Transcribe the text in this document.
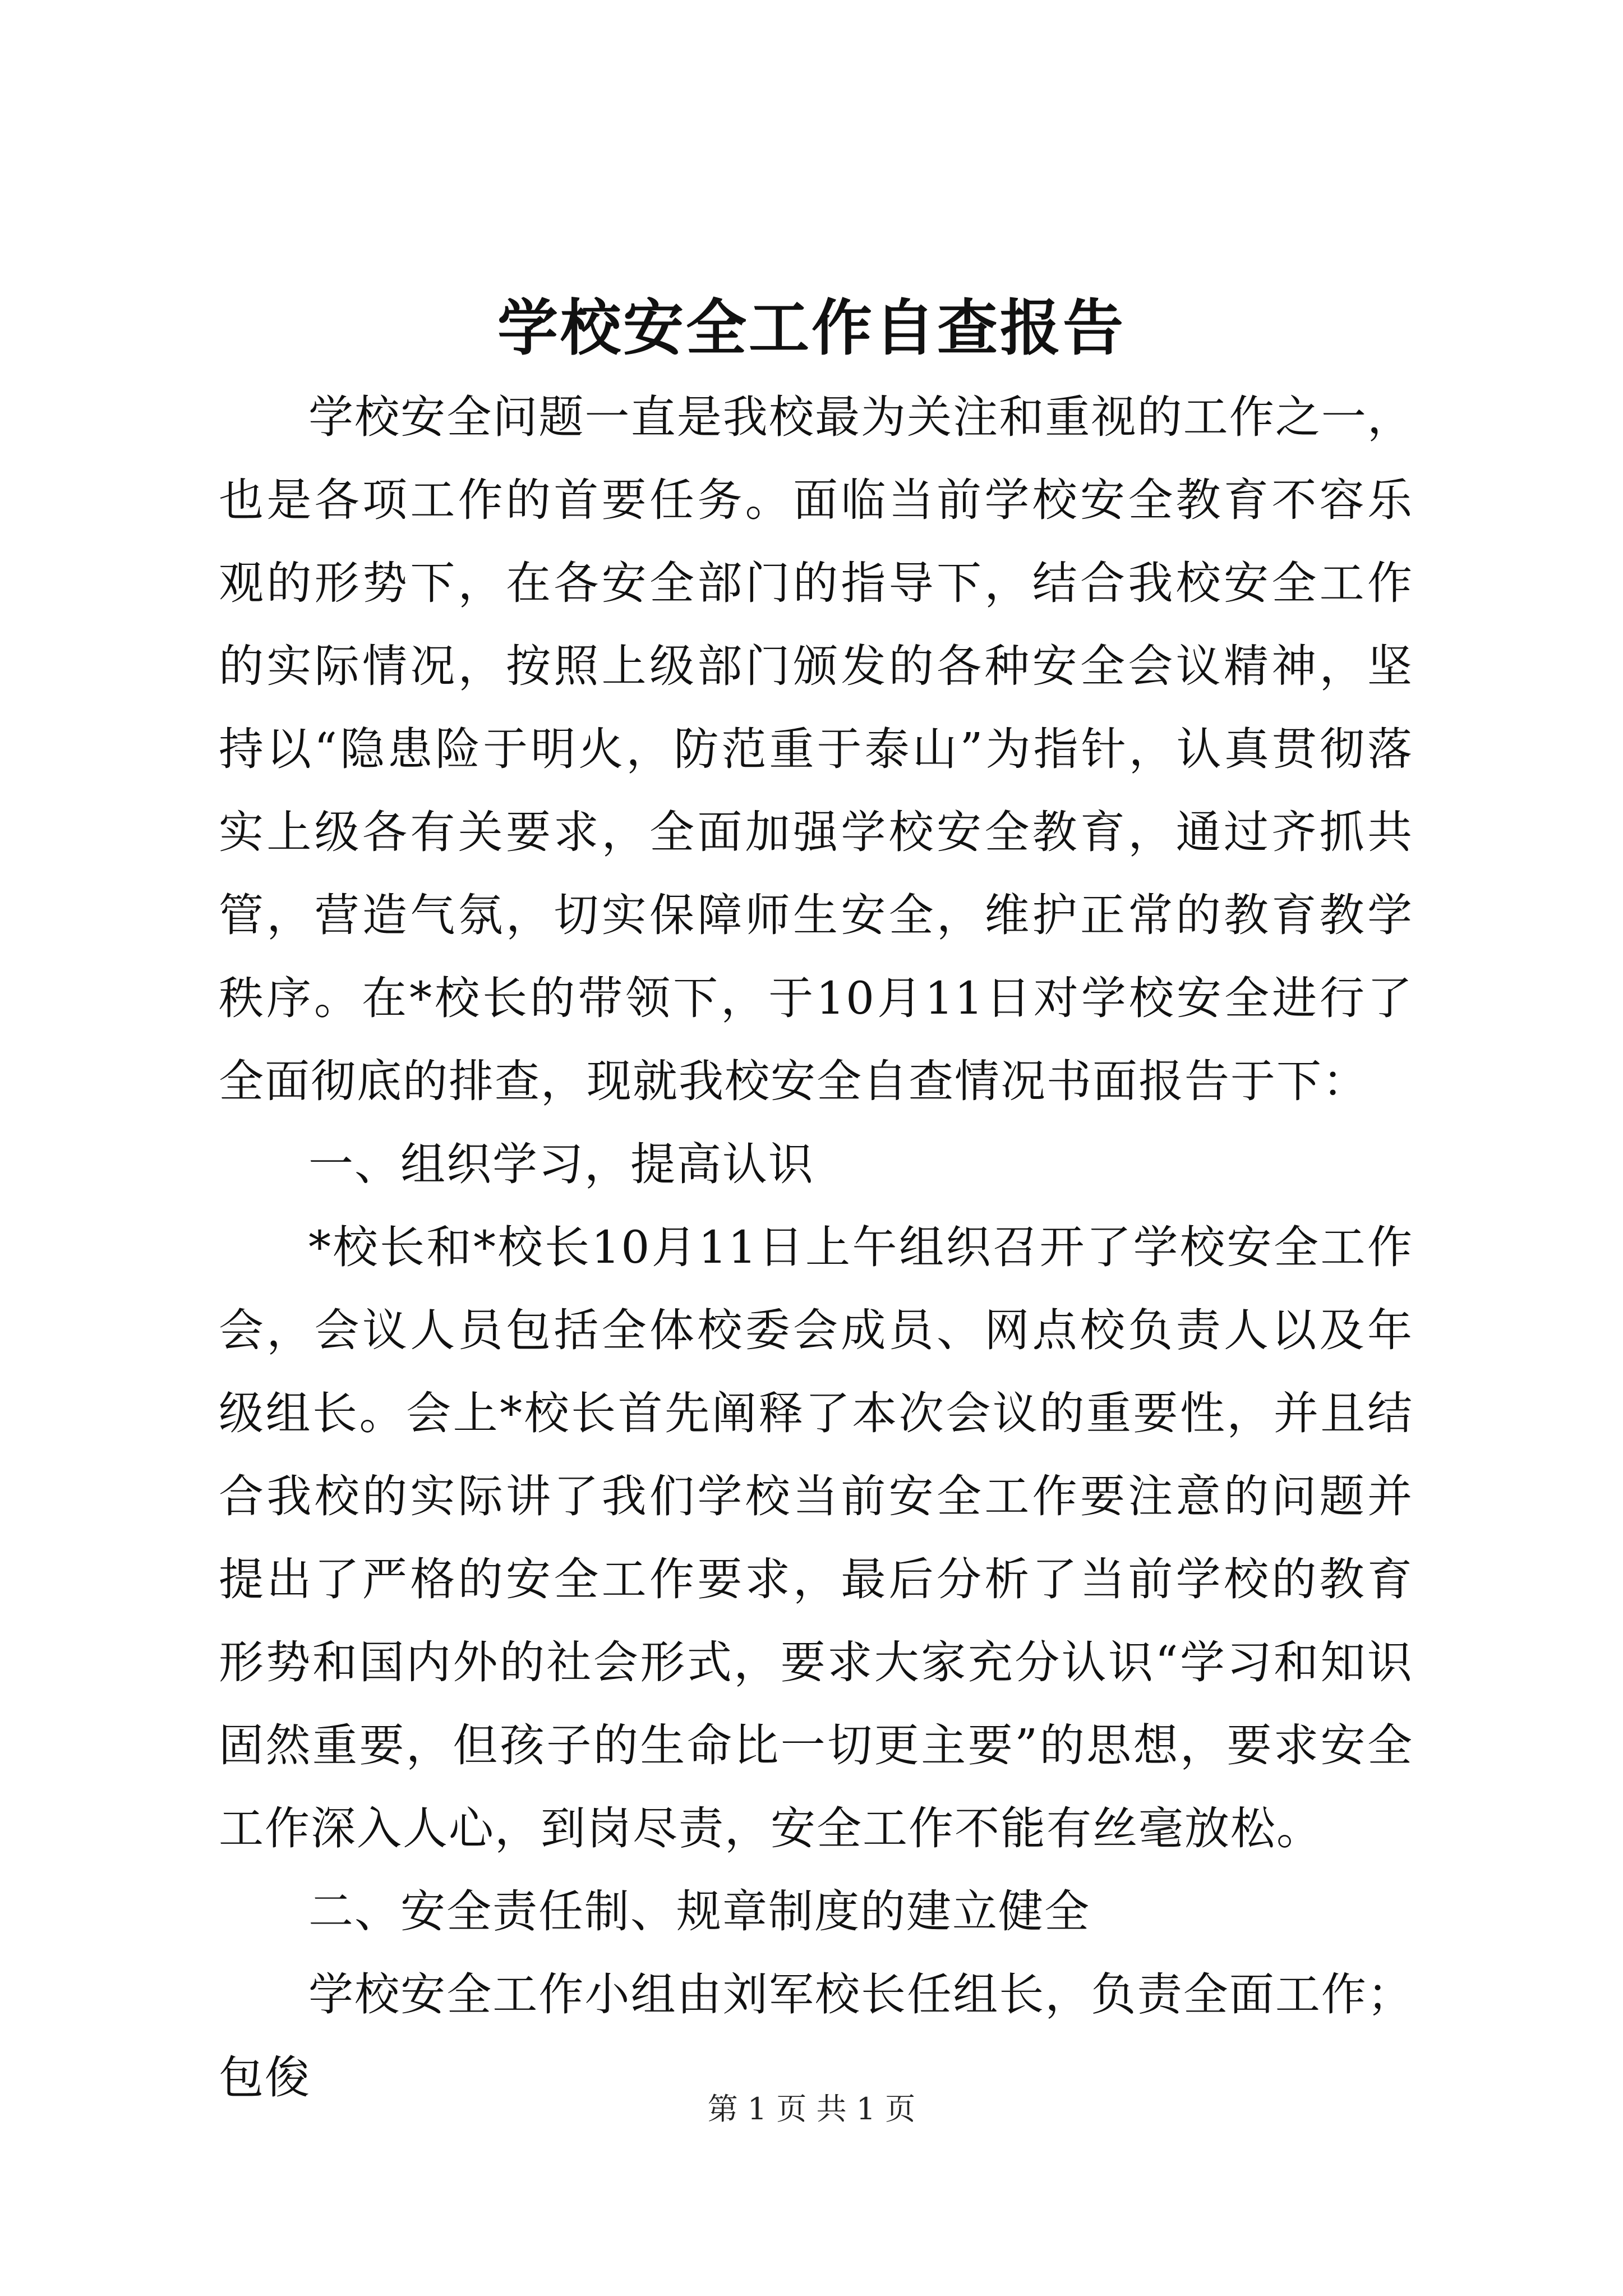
学校安全工作自查报告

学校安全问题一直是我校最为关注和重视的工作之一，也是各项工作的首要任务。面临当前学校安全教育不容乐观的形势下，在各安全部门的指导下，结合我校安全工作的实际情况，按照上级部门颁发的各种安全会议精神，坚持以“隐患险于明火，防范重于泰山”为指针，认真贯彻落实上级各有关要求，全面加强学校安全教育，通过齐抓共管，营造气氛，切实保障师生安全，维护正常的教育教学秩序。在*校长的带领下，于10月11日对学校安全进行了全面彻底的排查，现就我校安全自查情况书面报告于下：

一、组织学习，提高认识

*校长和*校长10月11日上午组织召开了学校安全工作会，会议人员包括全体校委会成员、网点校负责人以及年级组长。会上*校长首先阐释了本次会议的重要性，并且结合我校的实际讲了我们学校当前安全工作要注意的问题并提出了严格的安全工作要求，最后分析了当前学校的教育形势和国内外的社会形式，要求大家充分认识“学习和知识固然重要，但孩子的生命比一切更主要”的思想，要求安全工作深入人心，到岗尽责，安全工作不能有丝毫放松。

二、安全责任制、规章制度的建立健全

学校安全工作小组由刘军校长任组长，负责全面工作；包俊

第 1 页 共 1 页
